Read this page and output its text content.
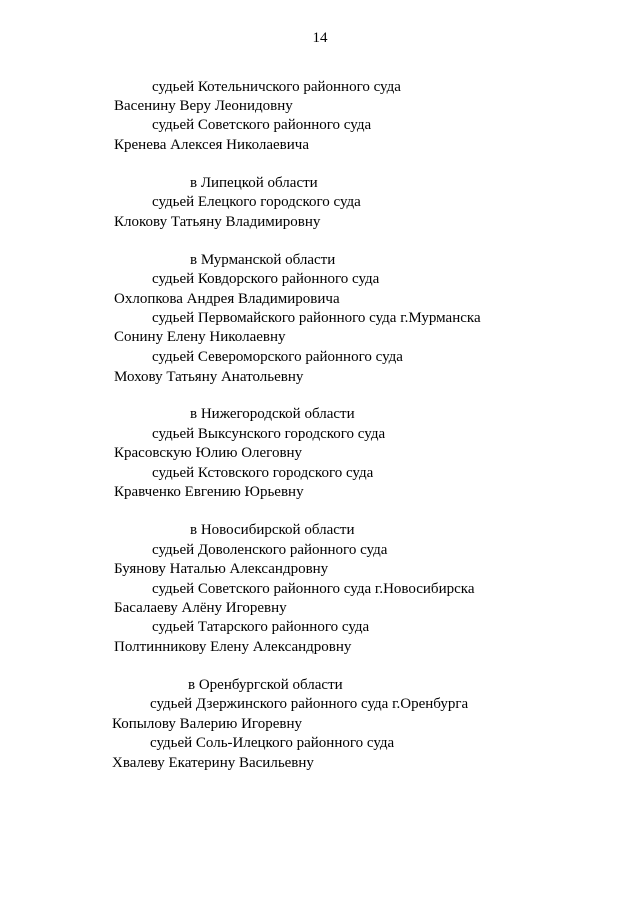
14
судьей Котельничского районного суда
Васенину Веру Леонидовну
судьей Советского районного суда
Кренева Алексея Николаевича
в Липецкой области
судьей Елецкого городского суда
Клокову Татьяну Владимировну
в Мурманской области
судьей Ковдорского районного суда
Охлопкова Андрея Владимировича
судьей Первомайского районного суда г.Мурманска
Сонину Елену Николаевну
судьей Североморского районного суда
Мохову Татьяну Анатольевну
в Нижегородской области
судьей Выксунского городского суда
Красовскую Юлию Олеговну
судьей Кстовского городского суда
Кравченко Евгению Юрьевну
в Новосибирской области
судьей Доволенского районного суда
Буянову Наталью Александровну
судьей Советского районного суда г.Новосибирска
Басалаеву Алёну Игоревну
судьей Татарского районного суда
Полтинникову Елену Александровну
в Оренбургской области
судьей Дзержинского районного суда г.Оренбурга
Копылову Валерию Игоревну
судьей Соль-Илецкого районного суда
Хвалеву Екатерину Васильевну
